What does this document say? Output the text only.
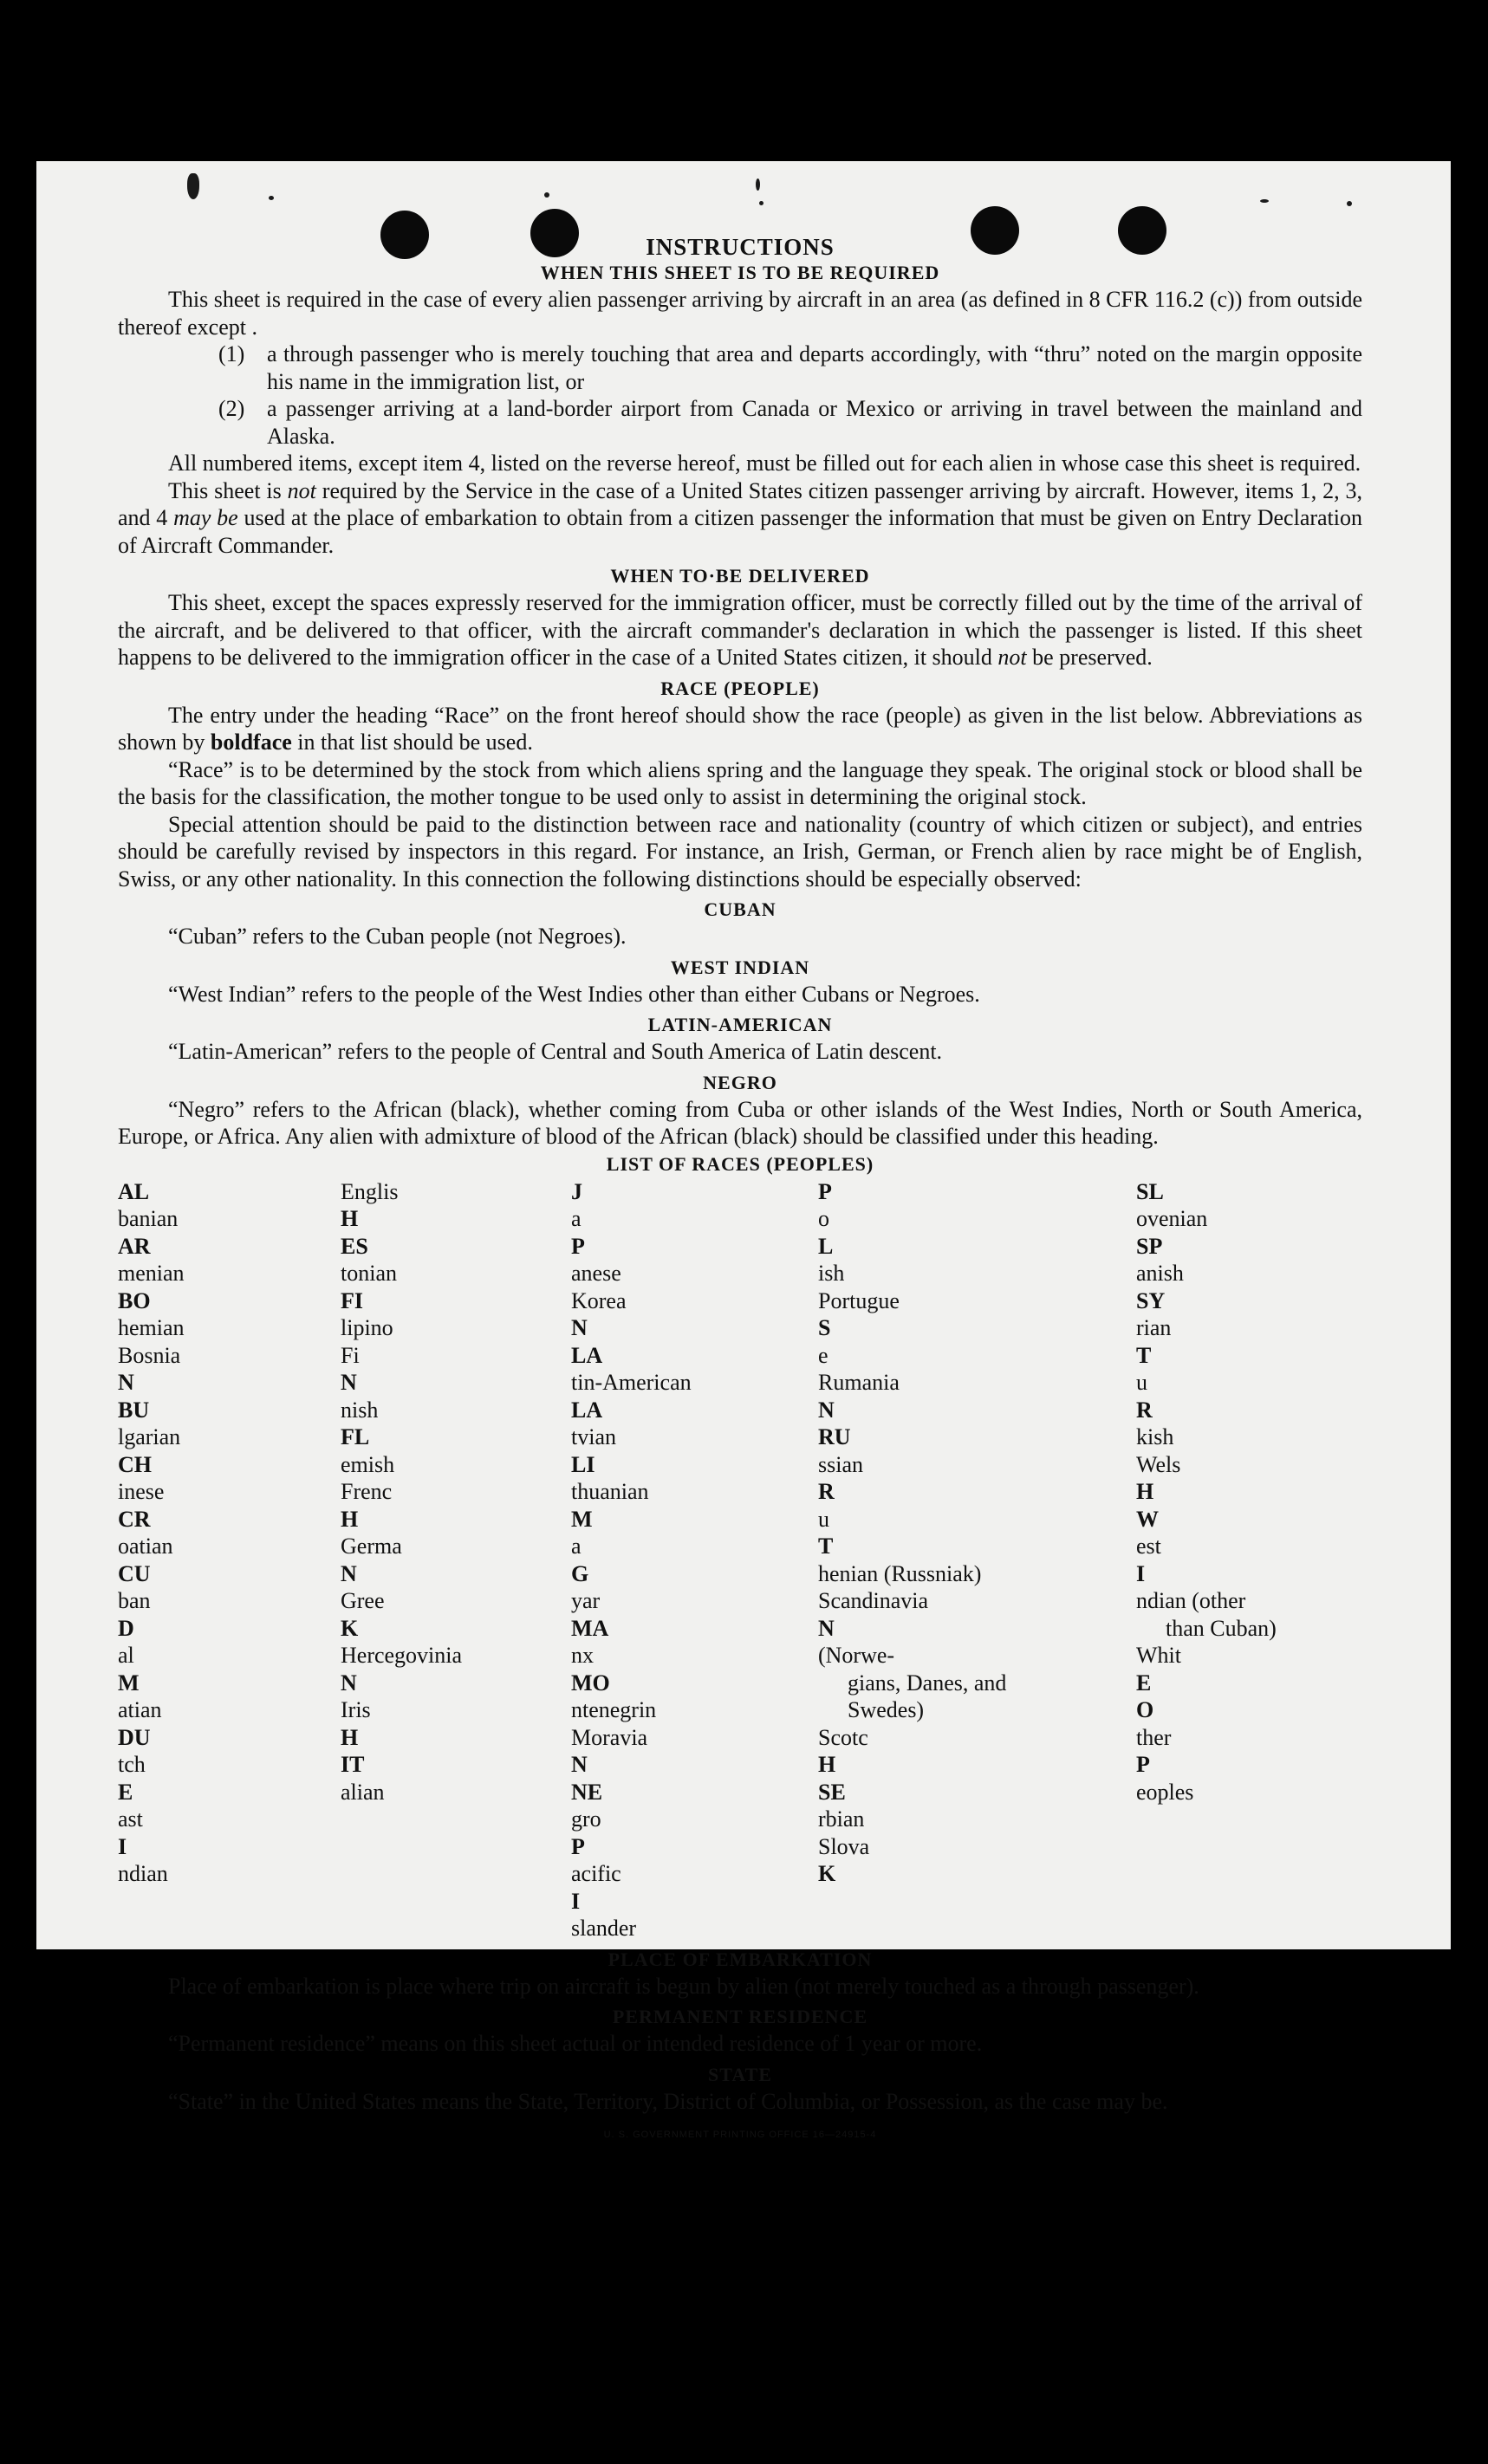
INSTRUCTIONS
WHEN THIS SHEET IS TO BE REQUIRED

This sheet is required in the case of every alien passenger arriving by aircraft in an area (as defined in 8 CFR 116.2 (c)) from outside thereof except .

(1) a through passenger who is merely touching that area and departs accordingly, with “thru” noted on the margin opposite his name in the immigration list, or
(2) a passenger arriving at a land-border airport from Canada or Mexico or arriving in travel between the mainland and Alaska.

All numbered items, except item 4, listed on the reverse hereof, must be filled out for each alien in whose case this sheet is required.

This sheet is not required by the Service in the case of a United States citizen passenger arriving by aircraft. However, items 1, 2, 3, and 4 may be used at the place of embarkation to obtain from a citizen passenger the information that must be given on Entry Declaration of Aircraft Commander.

WHEN TO·BE DELIVERED

This sheet, except the spaces expressly reserved for the immigration officer, must be correctly filled out by the time of the arrival of the aircraft, and be delivered to that officer, with the aircraft commander's declaration in which the passenger is listed. If this sheet happens to be delivered to the immigration officer in the case of a United States citizen, it should not be preserved.

RACE (PEOPLE)

The entry under the heading “Race” on the front hereof should show the race (people) as given in the list below. Abbreviations as shown by boldface in that list should be used.

“Race” is to be determined by the stock from which aliens spring and the language they speak. The original stock or blood shall be the basis for the classification, the mother tongue to be used only to assist in determining the original stock.

Special attention should be paid to the distinction between race and nationality (country of which citizen or subject), and entries should be carefully revised by inspectors in this regard. For instance, an Irish, German, or French alien by race might be of English, Swiss, or any other nationality. In this connection the following distinctions should be especially observed:

CUBAN

“Cuban” refers to the Cuban people (not Negroes).

WEST INDIAN

“West Indian” refers to the people of the West Indies other than either Cubans or Negroes.

LATIN-AMERICAN

“Latin-American” refers to the people of Central and South America of Latin descent.

NEGRO

“Negro” refers to the African (black), whether coming from Cuba or other islands of the West Indies, North or South America, Europe, or Africa. Any alien with admixture of blood of the African (black) should be classified under this heading.

LIST OF RACES (PEOPLES)
AL
banian
AR
menian
BO
hemian
Bosnia
N
BU
lgarian
CH
inese
CR
oatian
CU
ban
D
al
M
atian
DU
tch
E
ast
I
ndian
Englis
H
ES
tonian
FI
lipino
Fi
N
nish
FL
emish
Frenc
H
Germa
N
Gree
K
Hercegovinia
N
Iris
H
IT
alian
J
a
P
anese
Korea
N
LA
tin-American
LA
tvian
LI
thuanian
M
a
G
yar
MA
nx
MO
ntenegrin
Moravia
N
NE
gro
P
acific
I
slander
P
o
L
ish
Portugue
S
e
Rumania
N
RU
ssian
R
u
T
henian (Russniak)
Scandinavia
N
(Norwe-
gians, Danes, and
Swedes)
Scotc
H
SE
rbian
Slova
K
SL
ovenian
SP
anish
SY
rian
T
u
R
kish
Wels
H
W
est
I
ndian (other
than Cuban)
Whit
E
O
ther
P
eoples
PLACE OF EMBARKATION

Place of embarkation is place where trip on aircraft is begun by alien (not merely touched as a through passenger).

PERMANENT RESIDENCE

“Permanent residence” means on this sheet actual or intended residence of 1 year or more.

STATE

“State” in the United States means the State, Territory, District of Columbia, or Possession, as the case may be.

U. S. GOVERNMENT PRINTING OFFICE 16—24915-4
